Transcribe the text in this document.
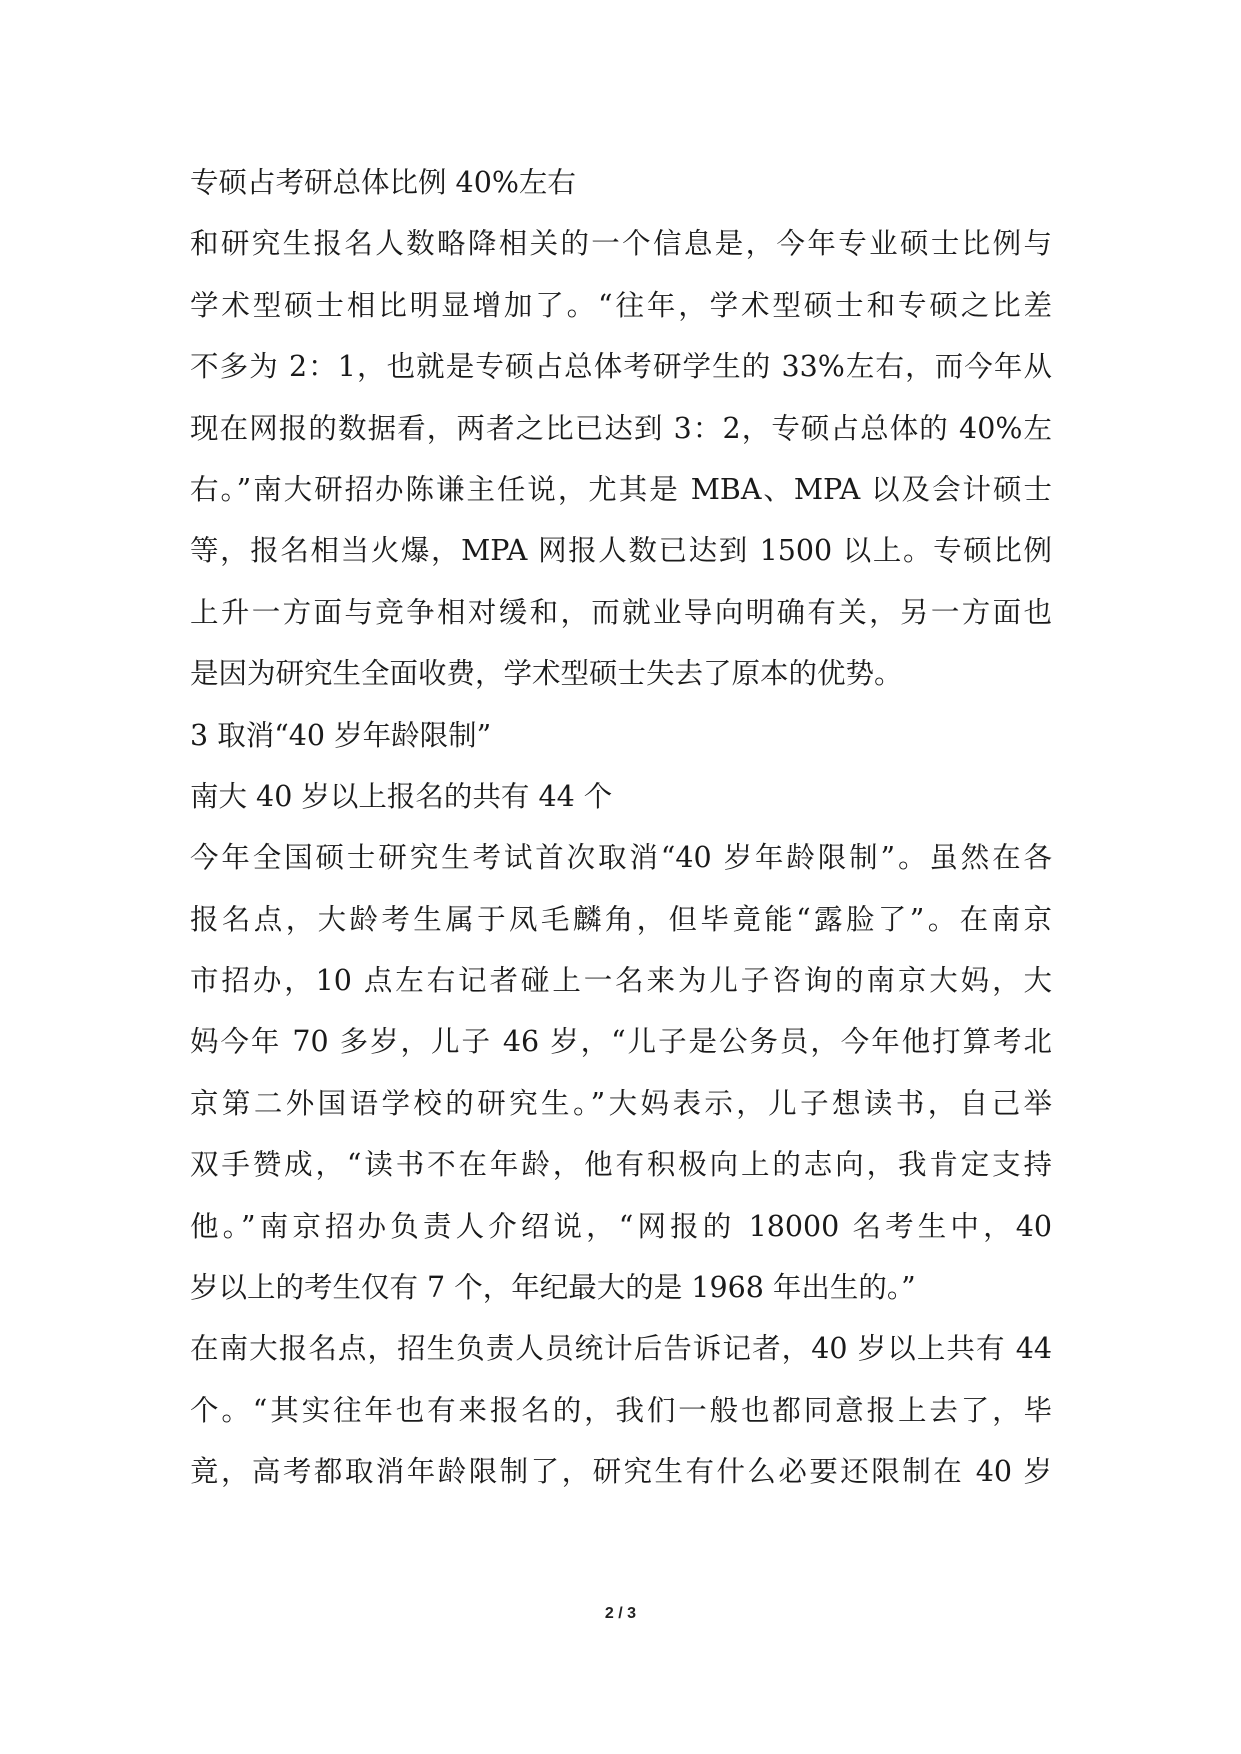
专硕占考研总体比例 40%左右

和研究生报名人数略降相关的一个信息是，今年专业硕士比例与

学术型硕士相比明显增加了。“往年，学术型硕士和专硕之比差

不多为 2：1，也就是专硕占总体考研学生的 33%左右，而今年从

现在网报的数据看，两者之比已达到 3：2，专硕占总体的 40%左

右。”南大研招办陈谦主任说，尤其是 MBA、MPA 以及会计硕士

等，报名相当火爆，MPA 网报人数已达到 1500 以上。专硕比例

上升一方面与竞争相对缓和，而就业导向明确有关，另一方面也

是因为研究生全面收费，学术型硕士失去了原本的优势。

3 取消“40 岁年龄限制”

南大 40 岁以上报名的共有 44 个

今年全国硕士研究生考试首次取消“40 岁年龄限制”。虽然在各

报名点，大龄考生属于凤毛麟角，但毕竟能“露脸了”。在南京

市招办，10 点左右记者碰上一名来为儿子咨询的南京大妈，大

妈今年 70 多岁，儿子 46 岁，“儿子是公务员，今年他打算考北

京第二外国语学校的研究生。”大妈表示，儿子想读书，自己举

双手赞成，“读书不在年龄，他有积极向上的志向，我肯定支持

他。”南京招办负责人介绍说，“网报的 18000 名考生中，40

岁以上的考生仅有 7 个，年纪最大的是 1968 年出生的。”

在南大报名点，招生负责人员统计后告诉记者，40 岁以上共有 44

个。“其实往年也有来报名的，我们一般也都同意报上去了，毕

竟，高考都取消年龄限制了，研究生有什么必要还限制在 40 岁

2 / 3
